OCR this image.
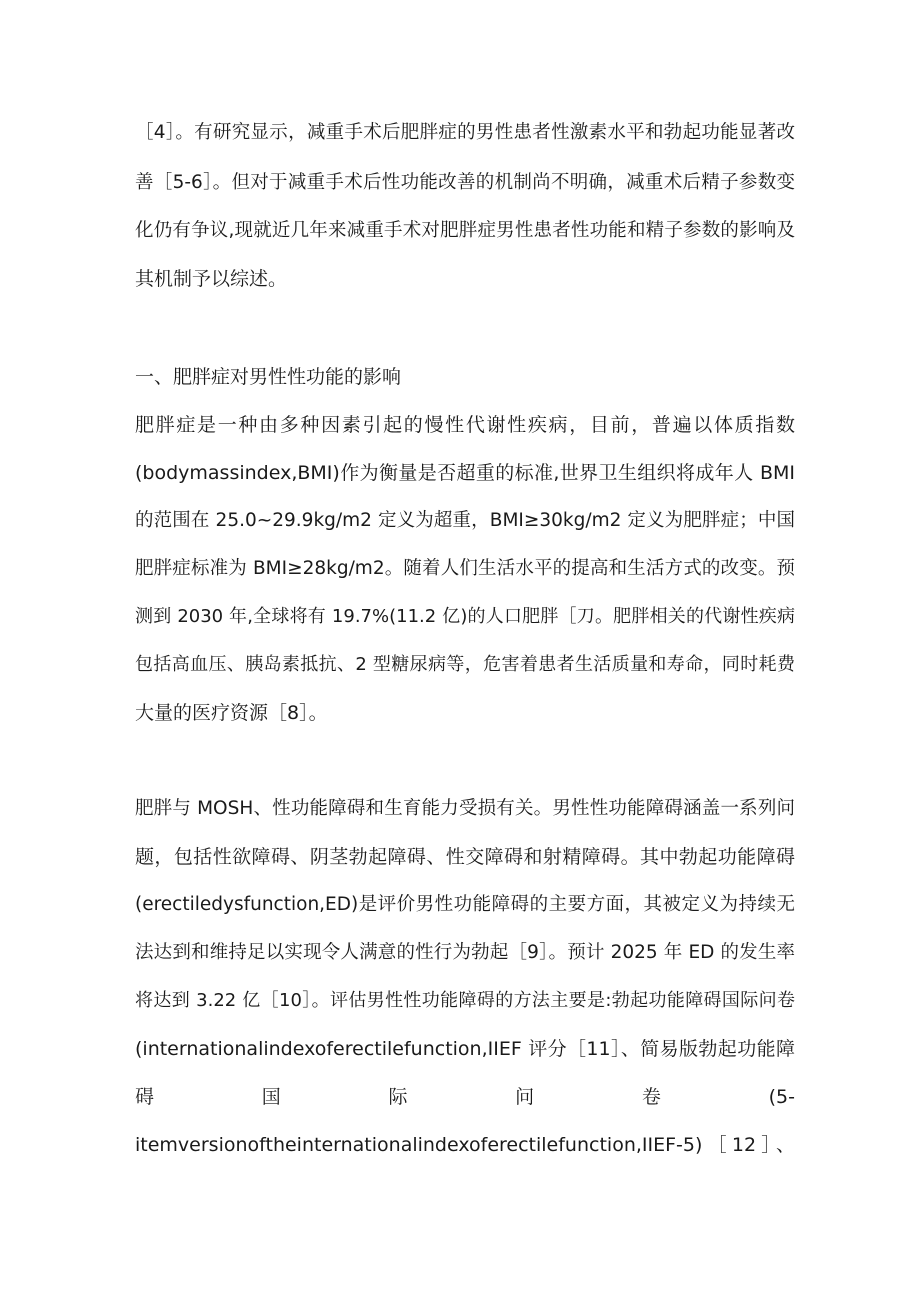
［4］。有研究显示，减重手术后肥胖症的男性患者性激素水平和勃起功能显著改
善［5-6］。但对于减重手术后性功能改善的机制尚不明确，减重术后精子参数变
化仍有争议,现就近几年来减重手术对肥胖症男性患者性功能和精子参数的影响及
其机制予以综述。
一、肥胖症对男性性功能的影响
肥胖症是一种由多种因素引起的慢性代谢性疾病，目前，普遍以体质指数
(bodymassindex,BMI)作为衡量是否超重的标准,世界卫生组织将成年人 BMI
的范围在 25.0~29.9kg∕m2 定义为超重，BMI≥30kg∕m2 定义为肥胖症；中国
肥胖症标准为 BMI≥28kg∕m2。随着人们生活水平的提高和生活方式的改变。预
测到 2030 年,全球将有 19.7%(11.2 亿)的人口肥胖［刀。肥胖相关的代谢性疾病
包括高血压、胰岛素抵抗、2 型糖尿病等，危害着患者生活质量和寿命，同时耗费
大量的医疗资源［8］。
肥胖与 MOSH、性功能障碍和生育能力受损有关。男性性功能障碍涵盖一系列问
题，包括性欲障碍、阴茎勃起障碍、性交障碍和射精障碍。其中勃起功能障碍
(erectiledysfunction,ED)是评价男性功能障碍的主要方面，其被定义为持续无
法达到和维持足以实现令人满意的性行为勃起［9］。预计 2025 年 ED 的发生率
将达到 3.22 亿［10］。评估男性性功能障碍的方法主要是:勃起功能障碍国际问卷
(internationalindexoferectilefunction,IIEF 评分［11］、简易版勃起功能障
碍　　　国　　　际　　　问　　　卷　　　(5-
itemversionoftheinternationalindexoferectilefunction,IIEF-5)［12］、
